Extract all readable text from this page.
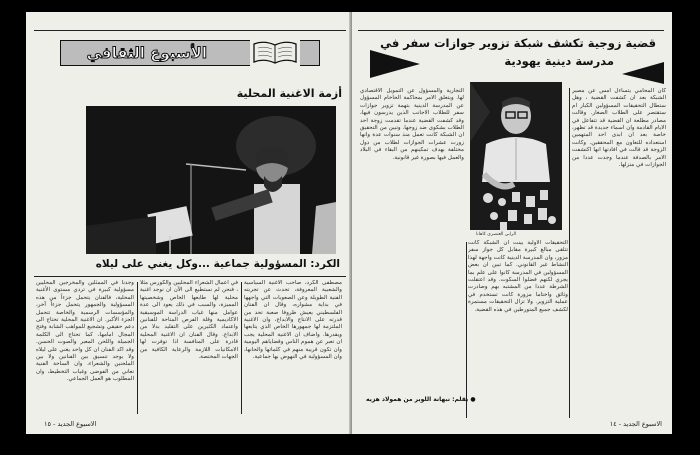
الأسبوع الثقافي
أزمة الاغنية المحلية
الكرد: المسؤولية جماعية ...وكل يغني على ليلاه
وجدنا في الممثلين والمخرجين المحليين مسؤولية كبيرة في تردي مستوى الأغنية المحلية، فالفنان يتحمل جزءاً من هذه المسؤولية والجمهور يتحمل جزءاً آخر، والمؤسسات الرسمية والخاصة تتحمل الجزء الأكبر. ان الاغنية المحلية تحتاج الى دعم حقيقي وتشجيع للمواهب الشابة وفتح المجال امامها، كما تحتاج الى الكلمة الجميلة واللحن المعبر والصوت الحسن. وقد اكد الفنان ان كل واحد يغني على ليلاه ولا يوجد تنسيق بين الفنانين ولا بين الملحنين والشعراء، وان الساحة الفنية تعاني من الفوضى وغياب التخطيط، وان المطلوب هو العمل الجماعي.
في اعمال الشعراء المحليين والكورس مثلا ، فنحن لم نستطيع الى الآن ان نوجد اغنية محلية لها طابعها الخاص وشخصيتها المميزة، والسبب في ذلك يعود الى عدة عوامل منها غياب الدراسة الموسيقية الاكاديمية وقلة الفرص المتاحة للفنانين واعتماد الكثيرين على التقليد بدلا من الابداع. وقال الفنان ان الاغنية المحلية قادرة على المنافسة اذا توفرت لها الامكانيات اللازمة والرعاية الكافية من الجهات المختصة.
مصطفى الكرد، صاحب الاغنية السياسية والشعبية المعروفة، تحدث عن تجربته الفنية الطويلة وعن الصعوبات التي واجهها في بداية مشواره، وقال ان الفنان الفلسطيني يعيش ظروفا صعبة تحد من قدرته على الانتاج والابداع، وان الاغنية الملتزمة لها جمهورها الخاص الذي يتابعها ويقدرها. واضاف ان الاغنية المحلية يجب ان تعبر عن هموم الناس وقضاياهم اليومية وان تكون قريبة منهم في كلماتها والحانها، وان المسؤولية في النهوض بها جماعية.
الاسبوع الجديد - ١٥
قضية زوجية تكشف شبكة تزوير جوازات سفر في
مدرسة دينية يهودية
الرابي العنصري كاهانا
التجارية والمسؤول عن التمويل الاقتصادي لها. ويتعلق الامر بمحاكمة الحاخام المسؤول عن المدرسة الدينية بتهمة تزوير جوازات سفر للطلاب الاجانب الذين يدرسون فيها، وقد كشفت القضية عندما تقدمت زوجة احد الطلاب بشكوى ضد زوجها. وتبين من التحقيق ان الشبكة كانت تعمل منذ سنوات عدة وانها زورت عشرات الجوازات لطلاب من دول مختلفة بهدف تمكينهم من البقاء في البلاد والعمل فيها بصورة غير قانونية.
التحقيقات الاولية بينت ان الشبكة كانت تتلقى مبالغ كبيرة مقابل كل جواز سفر مزور، وان المدرسة الدينية كانت واجهة لهذا النشاط غير القانوني. كما تبين ان بعض المسؤولين في المدرسة كانوا على علم بما يجري لكنهم فضلوا السكوت. وقد اعتقلت الشرطة عددا من المشتبه بهم وصادرت وثائق واختاما مزورة كانت تستخدم في عملية التزوير. ولا تزال التحقيقات مستمرة لكشف جميع المتورطين في هذه القضية.
كان المحامي يتساءل امس عن مصير الشبكة بعد ان كشفت القضية ، وهل ستطال التحقيقات المسؤولين الكبار ام ستقتصر على الطلاب الصغار. وقالت مصادر مطلعة ان القضية قد تتفاعل في الايام القادمة وان اسماء جديدة قد تظهر، خاصة بعد ان ابدى احد المتهمين استعداده للتعاون مع المحققين. وكانت الزوجة قد قالت في افادتها انها اكتشفت الامر بالصدفة عندما وجدت عددا من الجوازات في منزلها.
● بقلم: نبهانة اللوبر من همولاد هزيه
الاسبوع الجديد - ١٤
